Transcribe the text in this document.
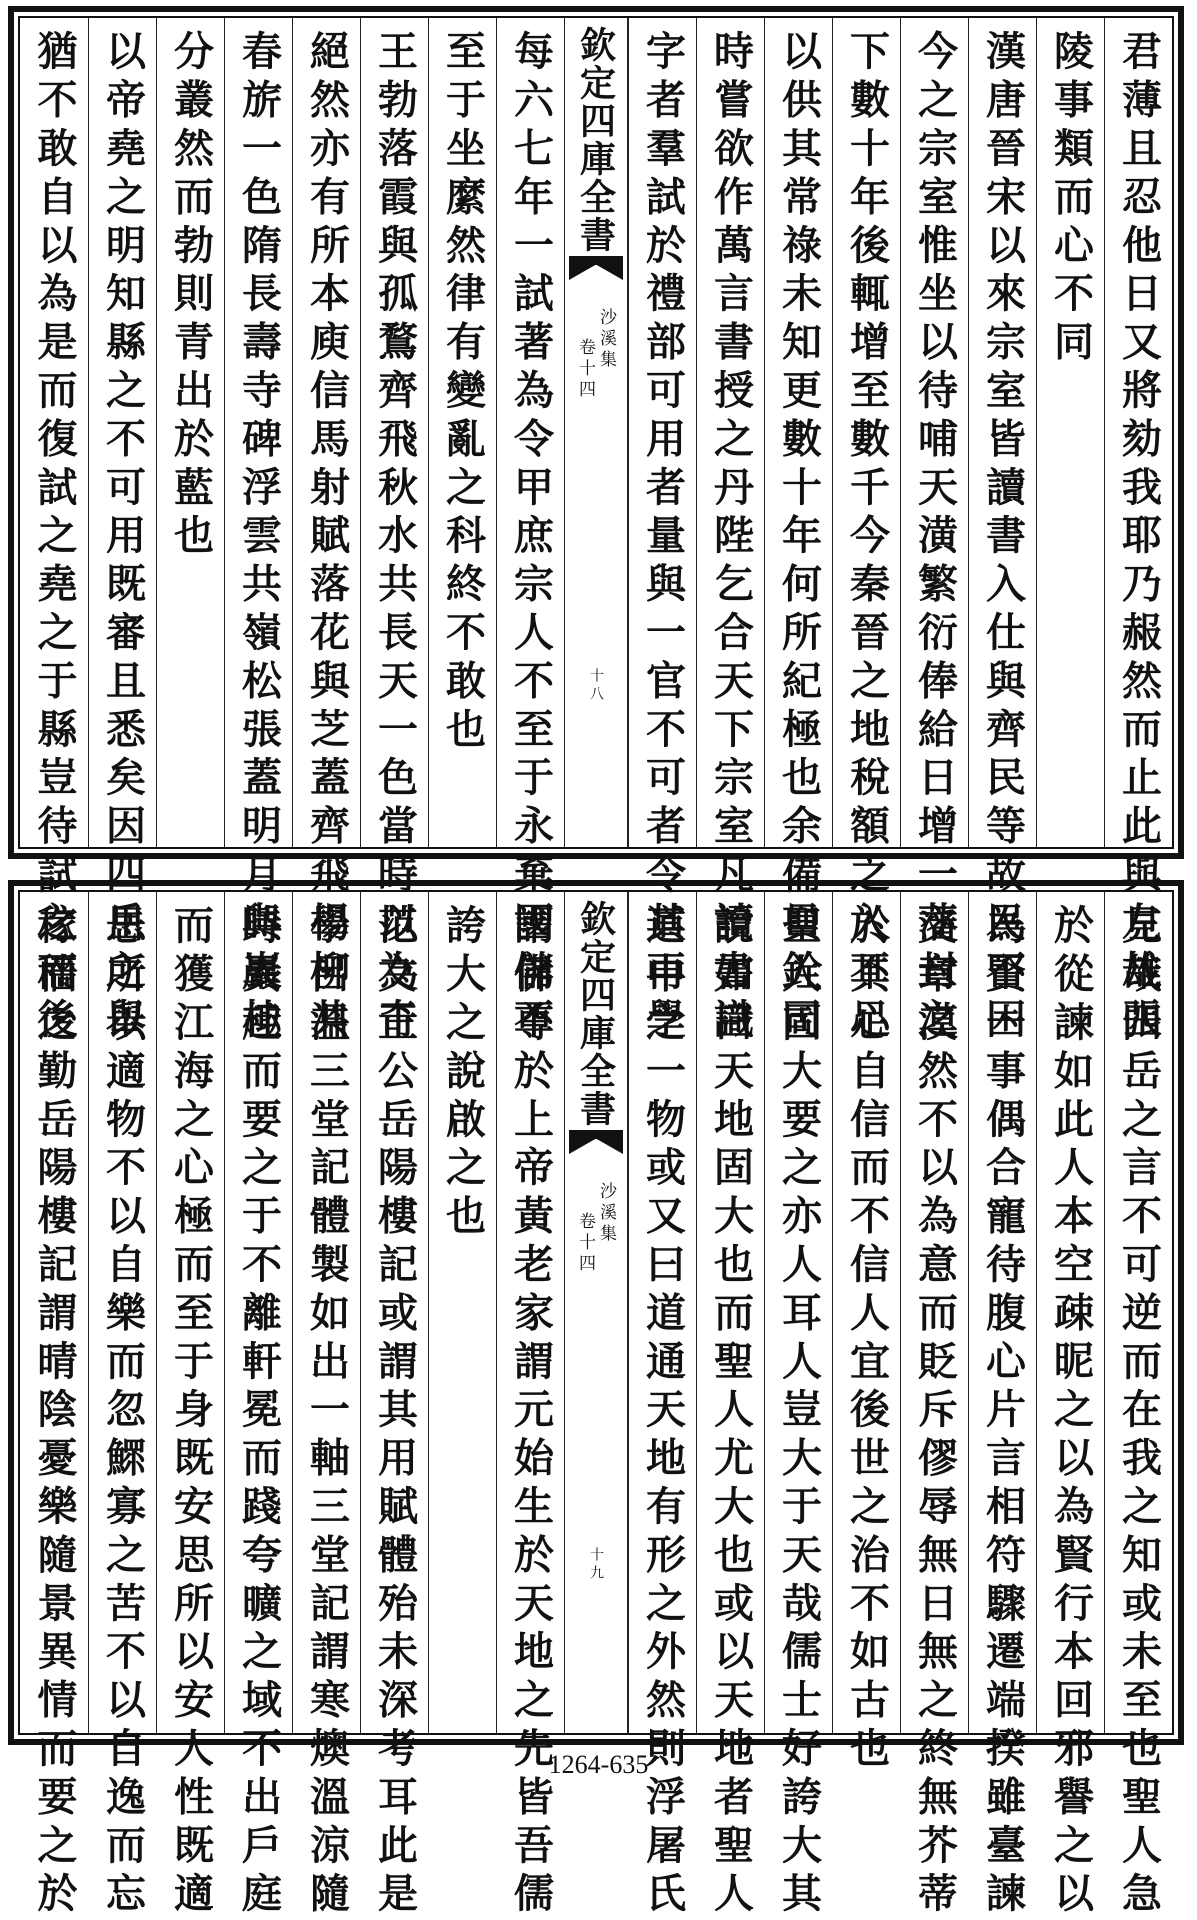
君薄且忍他日又將劾我耶乃赧然而止此與左雄張
陵事類而心不同
漢唐晉宋以來宗室皆讀書入仕與齊民等故民不困
今之宗室惟坐以待哺天潢繁衍俸給日增一藩封之
下數十年後輒增至數千今秦晉之地稅額之入不足
以供其常祿未知更數十年何所紀極也余備員銓司
時嘗欲作萬言書授之丹陛乞合天下宗室凡讀書識
字者羣試於禮部可用者量與一官不可者令其再學
每六七年一試著為令甲庶宗人不至于永棄國儲不
至于坐縻然律有變亂之科終不敢也
王勃落霞與孤鶩齊飛秋水共長天一色當時以為奇
絕然亦有所本庾信馬射賦落花與芝蓋齊飛楊柳共
春旂一色隋長壽寺碑浮雲共嶺松張蓋明月與巖桂
分叢然而勃則青出於藍也
以帝堯之明知縣之不可用既審且悉矣因四岳之舉
猶不敢自以為是而復試之堯之于縣豈待試之而後	欽定四庫全書
沙溪集
卷十四
十八
見哉四岳之言不可逆而在我之知或未至也聖人急
於從諫如此人本空疎昵之以為賢行本回邪譽之以
為賢一事偶合寵待腹心片言相符驟遷端揆雖臺諫
交章漠然不以為意而貶斥僇辱無日無之終無芥蒂
於其心自信而不信人宜後世之治不如古也
聖人固大要之亦人耳人豈大于天哉儒士好誇大其
說如曰天地固大也而聖人尤大也或以天地者聖人
道中之一物或又曰道通天地有形之外然則浮屠氏
謂佛尊於上帝黃老家謂元始生於天地之先皆吾儒
誇大之說啟之也
范文正公岳陽樓記或謂其用賦體殆未深考耳此是
學呂溫三堂記體製如出一軸三堂記謂寒燠溫涼隨
時異趣而要之于不離軒冕而踐夸曠之域不出戶庭
而獲江海之心極而至于身既安思所以安人性既適
思所以適物不以自樂而忽鰥寡之苦不以自逸而忘
稼穡之勤岳陽樓記謂晴陰憂樂隨景異情而要之於	欽定四庫全書
沙溪集
卷十四
十九
1264-635
